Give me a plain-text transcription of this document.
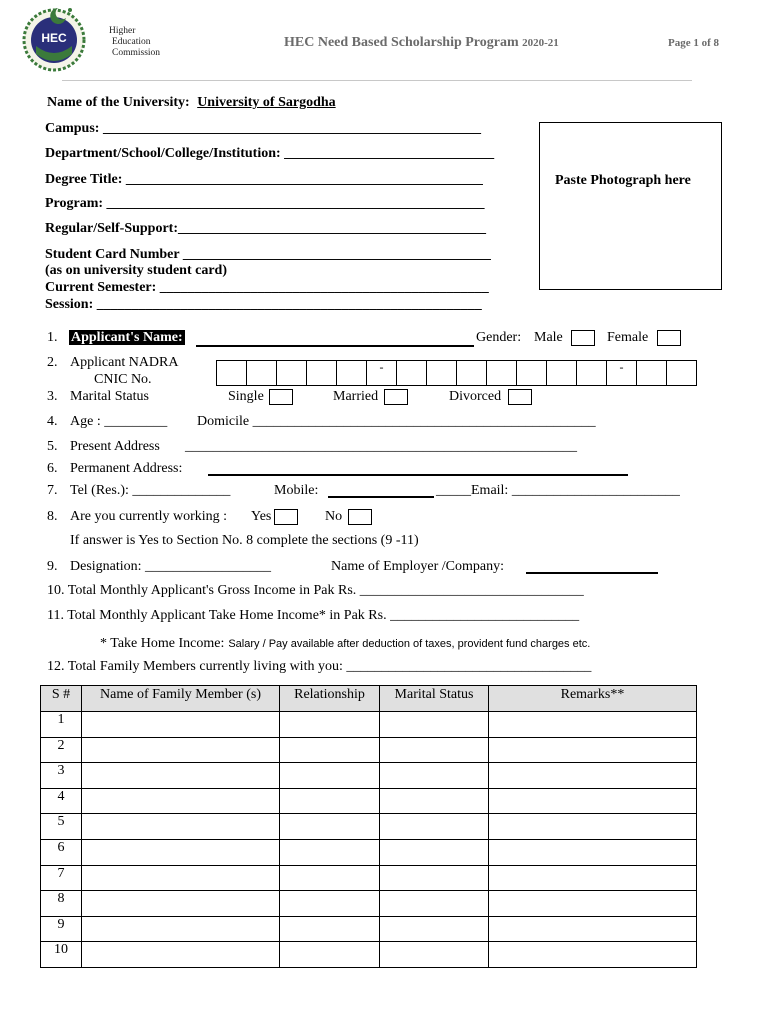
HEC	Higher
Education
Commission
HEC Need Based Scholarship Program 2020-21	Page 1 of 8
Name of the University: University of Sargodha
Campus: ______________________________________________________
Department/School/College/Institution: ______________________________
Degree Title: ___________________________________________________
Program: ______________________________________________________
Regular/Self-Support:____________________________________________
Student Card Number ____________________________________________
(as on university student card)
Current Semester: _______________________________________________
Session: _______________________________________________________
Paste Photograph here
1. Applicant's Name:	Gender: Male	Female
2. Applicant NADRA
CNIC No.
					-								-		
3. Marital Status	Single	Married	Divorced
4. Age : _________ Domicile _________________________________________________
5. Present Address ________________________________________________________
6. Permanent Address:
7. Tel (Res.): ______________	Mobile:	_____Email: ________________________
8. Are you currently working : Yes	No
If answer is Yes to Section No. 8 complete the sections (9 -11)
9. Designation: __________________	Name of Employer /Company:
10. Total Monthly Applicant's Gross Income in Pak Rs. ________________________________
11. Total Monthly Applicant Take Home Income* in Pak Rs. ___________________________
* Take Home Income: Salary / Pay available after deduction of taxes, provident fund charges etc.
12. Total Family Members currently living with you: ___________________________________
S #	Name of Family Member (s)	Relationship	Marital Status	Remarks**
1				
2				
3				
4				
5				
6				
7				
8				
9				
10				
